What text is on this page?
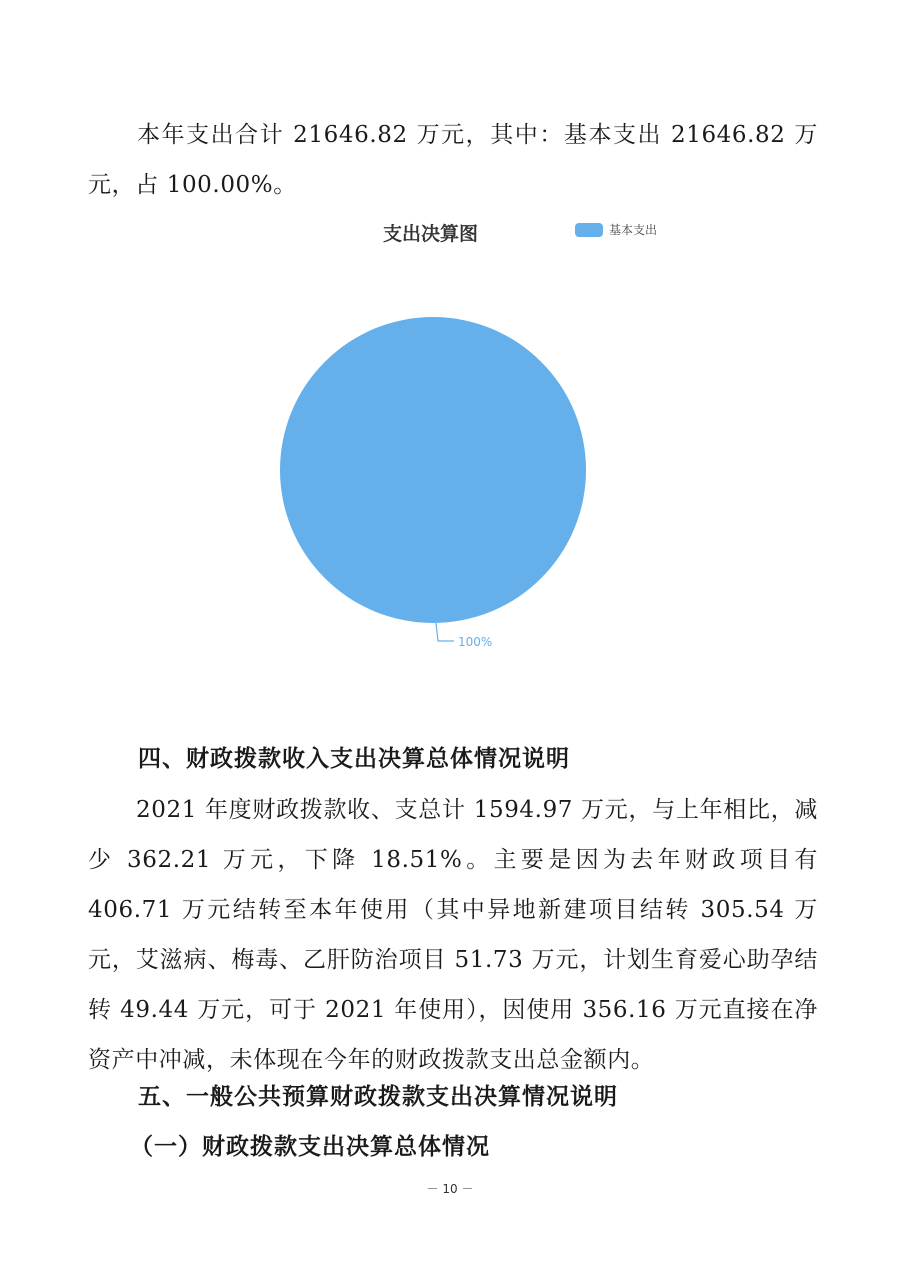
本年支出合计 21646.82 万元，其中：基本支出 21646.82 万元，占 100.00%。

支出决算图	基本支出
100%
四、财政拨款收入支出决算总体情况说明

2021 年度财政拨款收、支总计 1594.97 万元，与上年相比，减少 362.21 万元，下降 18.51%。主要是因为去年财政项目有 406.71 万元结转至本年使用（其中异地新建项目结转 305.54 万元，艾滋病、梅毒、乙肝防治项目 51.73 万元，计划生育爱心助孕结转 49.44 万元，可于 2021 年使用），因使用 356.16 万元直接在净资产中冲减，未体现在今年的财政拨款支出总金额内。

五、一般公共预算财政拨款支出决算情况说明
（一）财政拨款支出决算总体情况
－ 10 －
